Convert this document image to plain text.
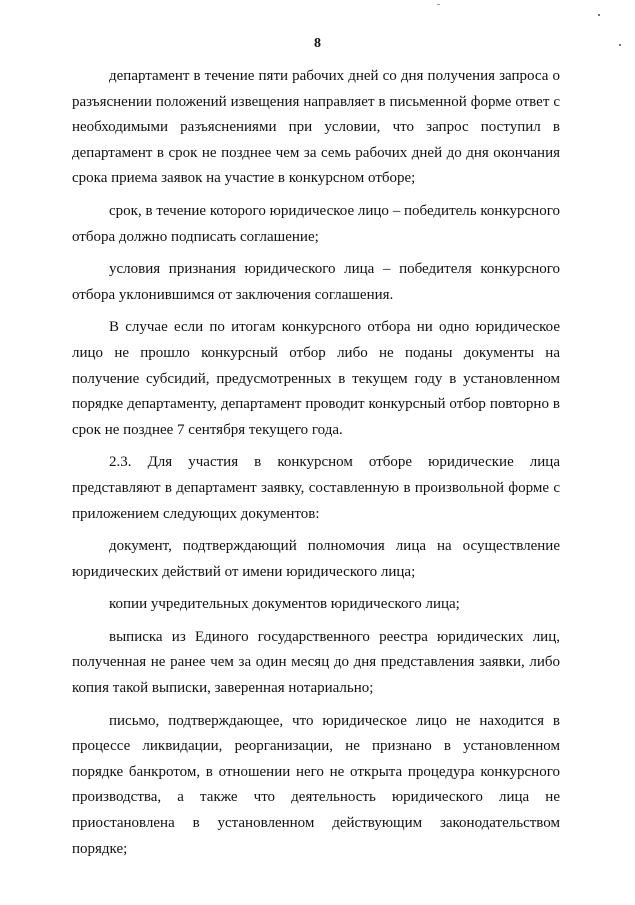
8

департамент в течение пяти рабочих дней со дня получения запроса о разъяснении положений извещения направляет в письменной форме ответ с необходимыми разъяснениями при условии, что запрос поступил в департамент в срок не позднее чем за семь рабочих дней до дня окончания срока приема заявок на участие в конкурсном отборе;

срок, в течение которого юридическое лицо – победитель конкурсного отбора должно подписать соглашение;

условия признания юридического лица – победителя конкурсного отбора уклонившимся от заключения соглашения.

В случае если по итогам конкурсного отбора ни одно юридическое лицо не прошло конкурсный отбор либо не поданы документы на получение субсидий, предусмотренных в текущем году в установленном порядке департаменту, департамент проводит конкурсный отбор повторно в срок не позднее 7 сентября текущего года.

2.3. Для участия в конкурсном отборе юридические лица представляют в департамент заявку, составленную в произвольной форме с приложением следующих документов:

документ, подтверждающий полномочия лица на осуществление юридических действий от имени юридического лица;

копии учредительных документов юридического лица;

выписка из Единого государственного реестра юридических лиц, полученная не ранее чем за один месяц до дня представления заявки, либо копия такой выписки, заверенная нотариально;

письмо, подтверждающее, что юридическое лицо не находится в процессе ликвидации, реорганизации, не признано в установленном порядке банкротом, в отношении него не открыта процедура конкурсного производства, а также что деятельность юридического лица не приостановлена в установленном действующим законодательством порядке;
